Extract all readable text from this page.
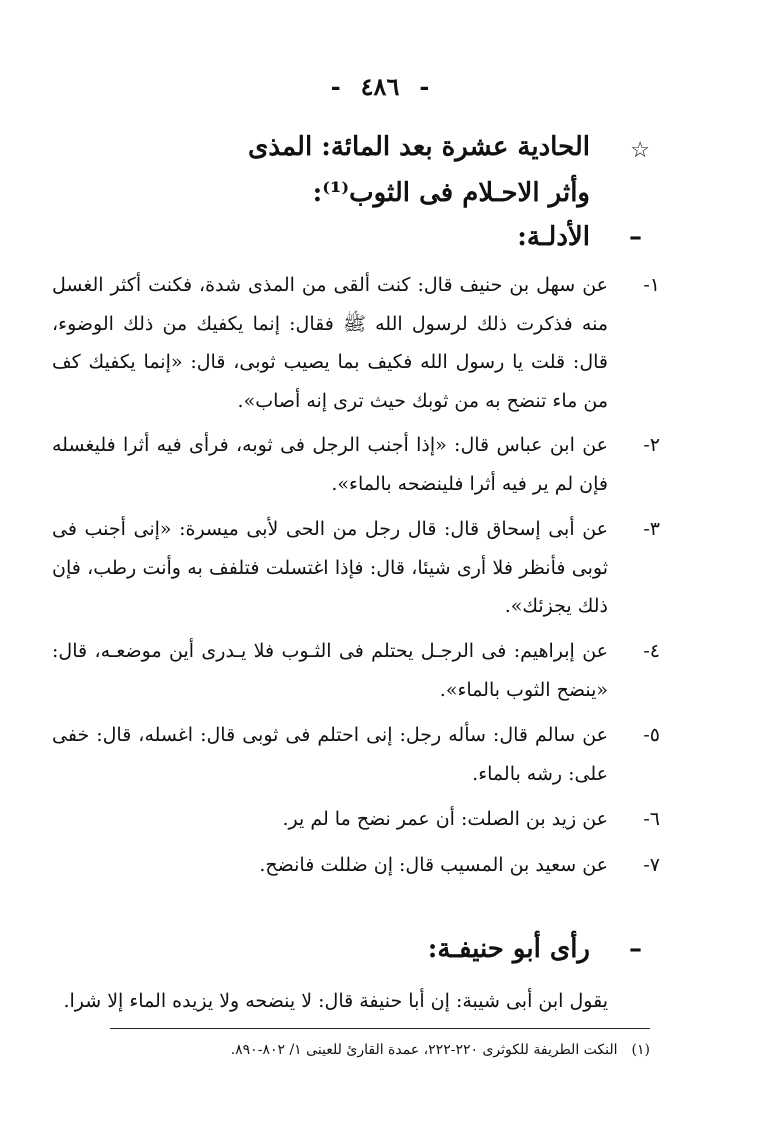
-٤٨٦-
☆
الحادية عشرة بعد المائة: المذى
وأثر الاحـلام فى الثوب⁽¹⁾:
–
الأدلـة:
١-
عن سهل بن حنيف قال: كنت ألقى من المذى شدة، فكنت أكثر الغسل منه فذكرت ذلك لرسول الله ﷺ فقال: إنما يكفيك من ذلك الوضوء، قال: قلت يا رسول الله فكيف بما يصيب ثوبى، قال: «إنما يكفيك كف من ماء تنضح به من ثوبك حيث ترى إنه أصاب».
٢-
عن ابن عباس قال: «إذا أجنب الرجل فى ثوبه، فرأى فيه أثرا فليغسله فإن لم ير فيه أثرا فلينضحه بالماء».
٣-
عن أبى إسحاق قال: قال رجل من الحى لأبى ميسرة: «إنى أجنب فى ثوبى فأنظر فلا أرى شيئا، قال: فإذا اغتسلت فتلفف به وأنت رطب، فإن ذلك يجزئك».
٤-
عن إبراهيم: فى الرجـل يحتلم فى الثـوب فلا يـدرى أين موضعـه، قال: «ينضح الثوب بالماء».
٥-
عن سالم قال: سأله رجل: إنى احتلم فى ثوبى قال: اغسله، قال: خفى على: رشه بالماء.
٦-
عن زيد بن الصلت: أن عمر نضح ما لم ير.
٧-
عن سعيد بن المسيب قال: إن ضللت فانضح.
–
رأى أبو حنيفـة:
يقول ابن أبى شيبة: إن أبا حنيفة قال: لا ينضحه ولا يزيده الماء إلا شرا.
(١)النكت الطريفة للكوثرى ٢٢٠-٢٢٢، عمدة القارئ للعينى ١/ ٨٠٢-٨٩٠.
